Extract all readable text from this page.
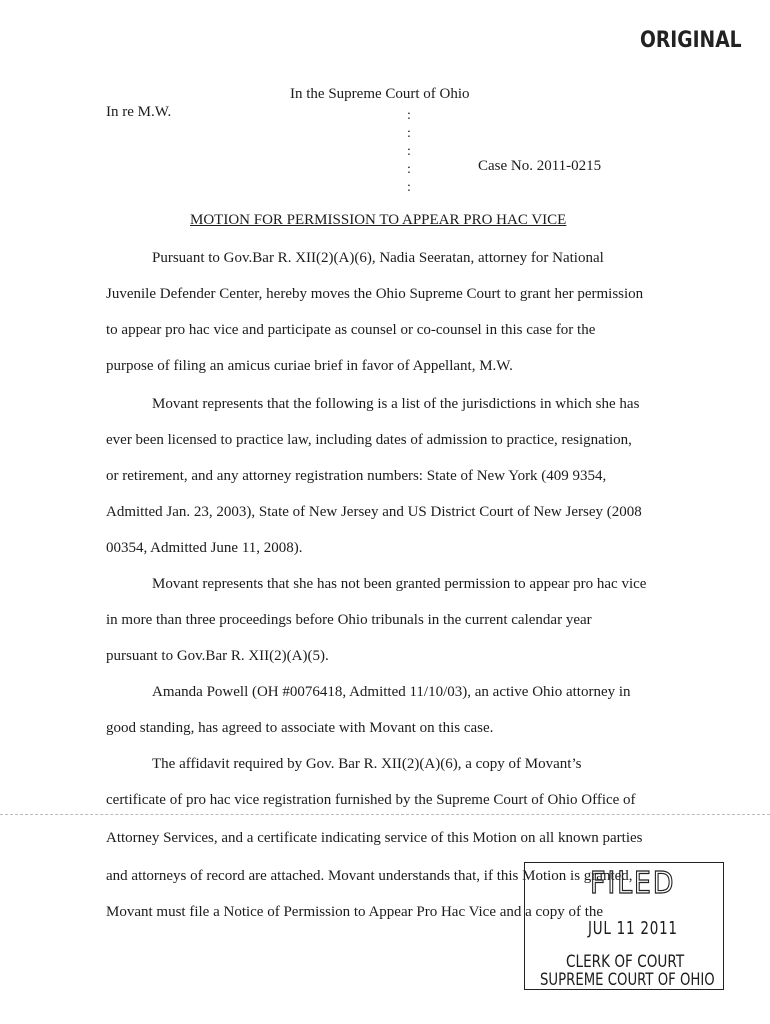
ORIGINAL
In the Supreme Court of Ohio
In re M.W.	:
:
:
:
:
Case No. 2011-0215
MOTION FOR PERMISSION TO APPEAR PRO HAC VICE
Pursuant to Gov.Bar R. XII(2)(A)(6), Nadia Seeratan, attorney for National
Juvenile Defender Center, hereby moves the Ohio Supreme Court to grant her permission
to appear pro hac vice and participate as counsel or co-counsel in this case for the
purpose of filing an amicus curiae brief in favor of Appellant, M.W.
Movant represents that the following is a list of the jurisdictions in which she has
ever been licensed to practice law, including dates of admission to practice, resignation,
or retirement, and any attorney registration numbers: State of New York (409 9354,
Admitted Jan. 23, 2003), State of New Jersey and US District Court of New Jersey (2008
00354, Admitted June 11, 2008).
Movant represents that she has not been granted permission to appear pro hac vice
in more than three proceedings before Ohio tribunals in the current calendar year
pursuant to Gov.Bar R. XII(2)(A)(5).
Amanda Powell (OH #0076418, Admitted 11/10/03), an active Ohio attorney in
good standing, has agreed to associate with Movant on this case.
The affidavit required by Gov. Bar R. XII(2)(A)(6), a copy of Movant’s
certificate of pro hac vice registration furnished by the Supreme Court of Ohio Office of
Attorney Services, and a certificate indicating service of this Motion on all known parties
and attorneys of record are attached. Movant understands that, if this Motion is granted,
Movant must file a Notice of Permission to Appear Pro Hac Vice and a copy of the
FILED
JUL 11 2011
CLERK OF COURT
SUPREME COURT OF OHIO
